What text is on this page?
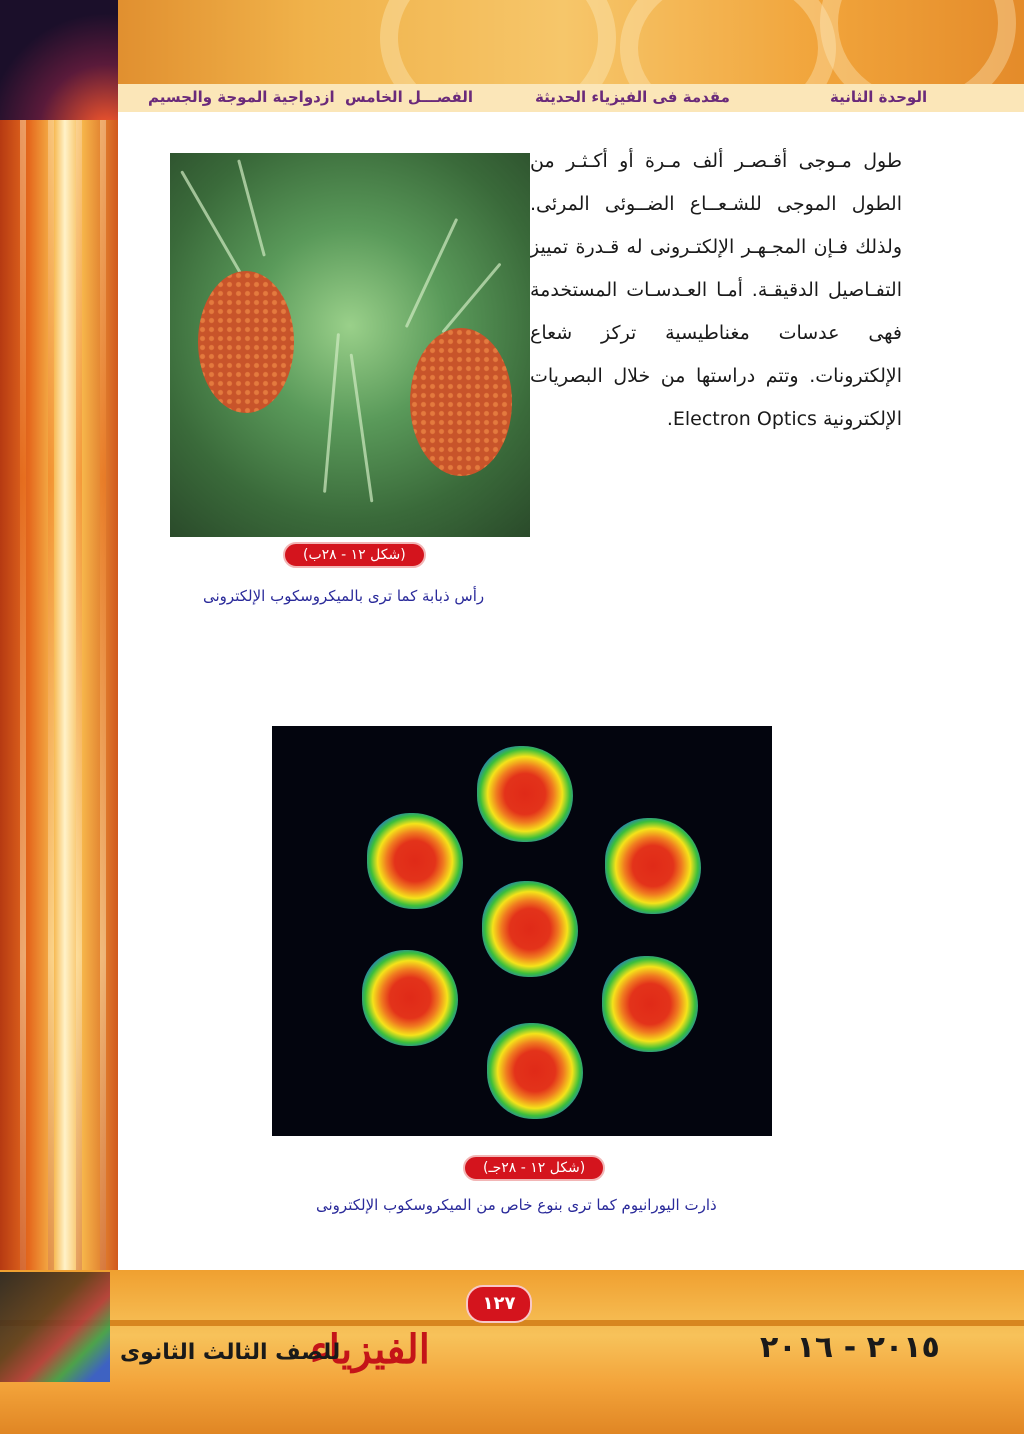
الوحدة الثانية
مقدمة فى الفيزياء الحديثة
الفصـــل الخامس
ازدواجية الموجة والجسيم
طول مـوجى أقـصـر ألف مـرة أو أكـثـر من الطول الموجى للشـعــاع الضــوئى المرئى. ولذلك فـإن المجـهـر الإلكتـرونى له قـدرة تمييز التفـاصيل الدقيقـة. أمـا العـدسـات المستخدمة فهى عدسات مغناطيسية تركز شعاع الإلكترونات. وتتم دراستها من خلال البصريات الإلكترونية Electron Optics.
(شكل ١٢ - ٢٨ب)
رأس ذبابة كما ترى بالميكروسكوب الإلكترونى
(شكل ١٢ - ٢٨جـ)
ذارت اليورانيوم كما ترى بنوع خاص من الميكروسكوب الإلكترونى
١٢٧
الفيزياء
للصف الثالث الثانوى	٢٠١٥ - ٢٠١٦
